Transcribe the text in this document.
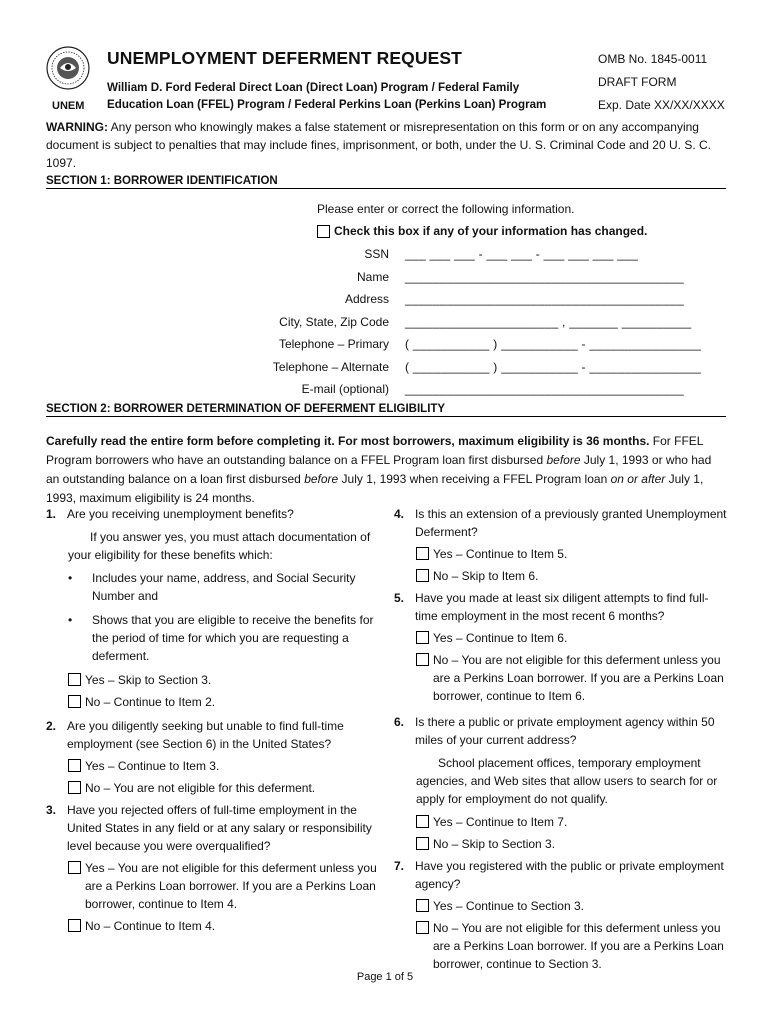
UNEM
UNEMPLOYMENT DEFERMENT REQUEST
William D. Ford Federal Direct Loan (Direct Loan) Program / Federal Family
Education Loan (FFEL) Program / Federal Perkins Loan (Perkins Loan) Program
OMB No. 1845-0011
DRAFT FORM
Exp. Date XX/XX/XXXX
WARNING: Any person who knowingly makes a false statement or misrepresentation on this form or on any accompanying document is subject to penalties that may include fines, imprisonment, or both, under the U. S. Criminal Code and 20 U. S. C. 1097.
SECTION 1: BORROWER IDENTIFICATION
Please enter or correct the following information.
Check this box if any of your information has changed.
SSN	___ ___ ___ - ___ ___ - ___ ___ ___ ___
Name	________________________________________
Address	________________________________________
City, State, Zip Code	______________________ , _______ __________
Telephone – Primary	( ___________ ) ___________ - ________________
Telephone – Alternate	( ___________ ) ___________ - ________________
E-mail (optional)	________________________________________
SECTION 2: BORROWER DETERMINATION OF DEFERMENT ELIGIBILITY
Carefully read the entire form before completing it. For most borrowers, maximum eligibility is 36 months. For FFEL Program borrowers who have an outstanding balance on a FFEL Program loan first disbursed before July 1, 1993 or who had an outstanding balance on a loan first disbursed before July 1, 1993 when receiving a FFEL Program loan on or after July 1, 1993, maximum eligibility is 24 months.
1. Are you receiving unemployment benefits?
If you answer yes, you must attach documentation of your eligibility for these benefits which:
•	Includes your name, address, and Social Security Number and
•	Shows that you are eligible to receive the benefits for the period of time for which you are requesting a deferment.
Yes – Skip to Section 3.
No – Continue to Item 2.
2. Are you diligently seeking but unable to find full-time employment (see Section 6) in the United States?
Yes – Continue to Item 3.
No – You are not eligible for this deferment.
3. Have you rejected offers of full-time employment in the United States in any field or at any salary or responsibility level because you were overqualified?
Yes – You are not eligible for this deferment unless you are a Perkins Loan borrower. If you are a Perkins Loan borrower, continue to Item 4.
No – Continue to Item 4.
4. Is this an extension of a previously granted Unemployment Deferment?
Yes – Continue to Item 5.
No – Skip to Item 6.
5. Have you made at least six diligent attempts to find full-time employment in the most recent 6 months?
Yes – Continue to Item 6.
No – You are not eligible for this deferment unless you are a Perkins Loan borrower. If you are a Perkins Loan borrower, continue to Item 6.
6. Is there a public or private employment agency within 50 miles of your current address?
School placement offices, temporary employment agencies, and Web sites that allow users to search for or apply for employment do not qualify.
Yes – Continue to Item 7.
No – Skip to Section 3.
7. Have you registered with the public or private employment agency?
Yes – Continue to Section 3.
No – You are not eligible for this deferment unless you are a Perkins Loan borrower. If you are a Perkins Loan borrower, continue to Section 3.
Page 1 of 5
